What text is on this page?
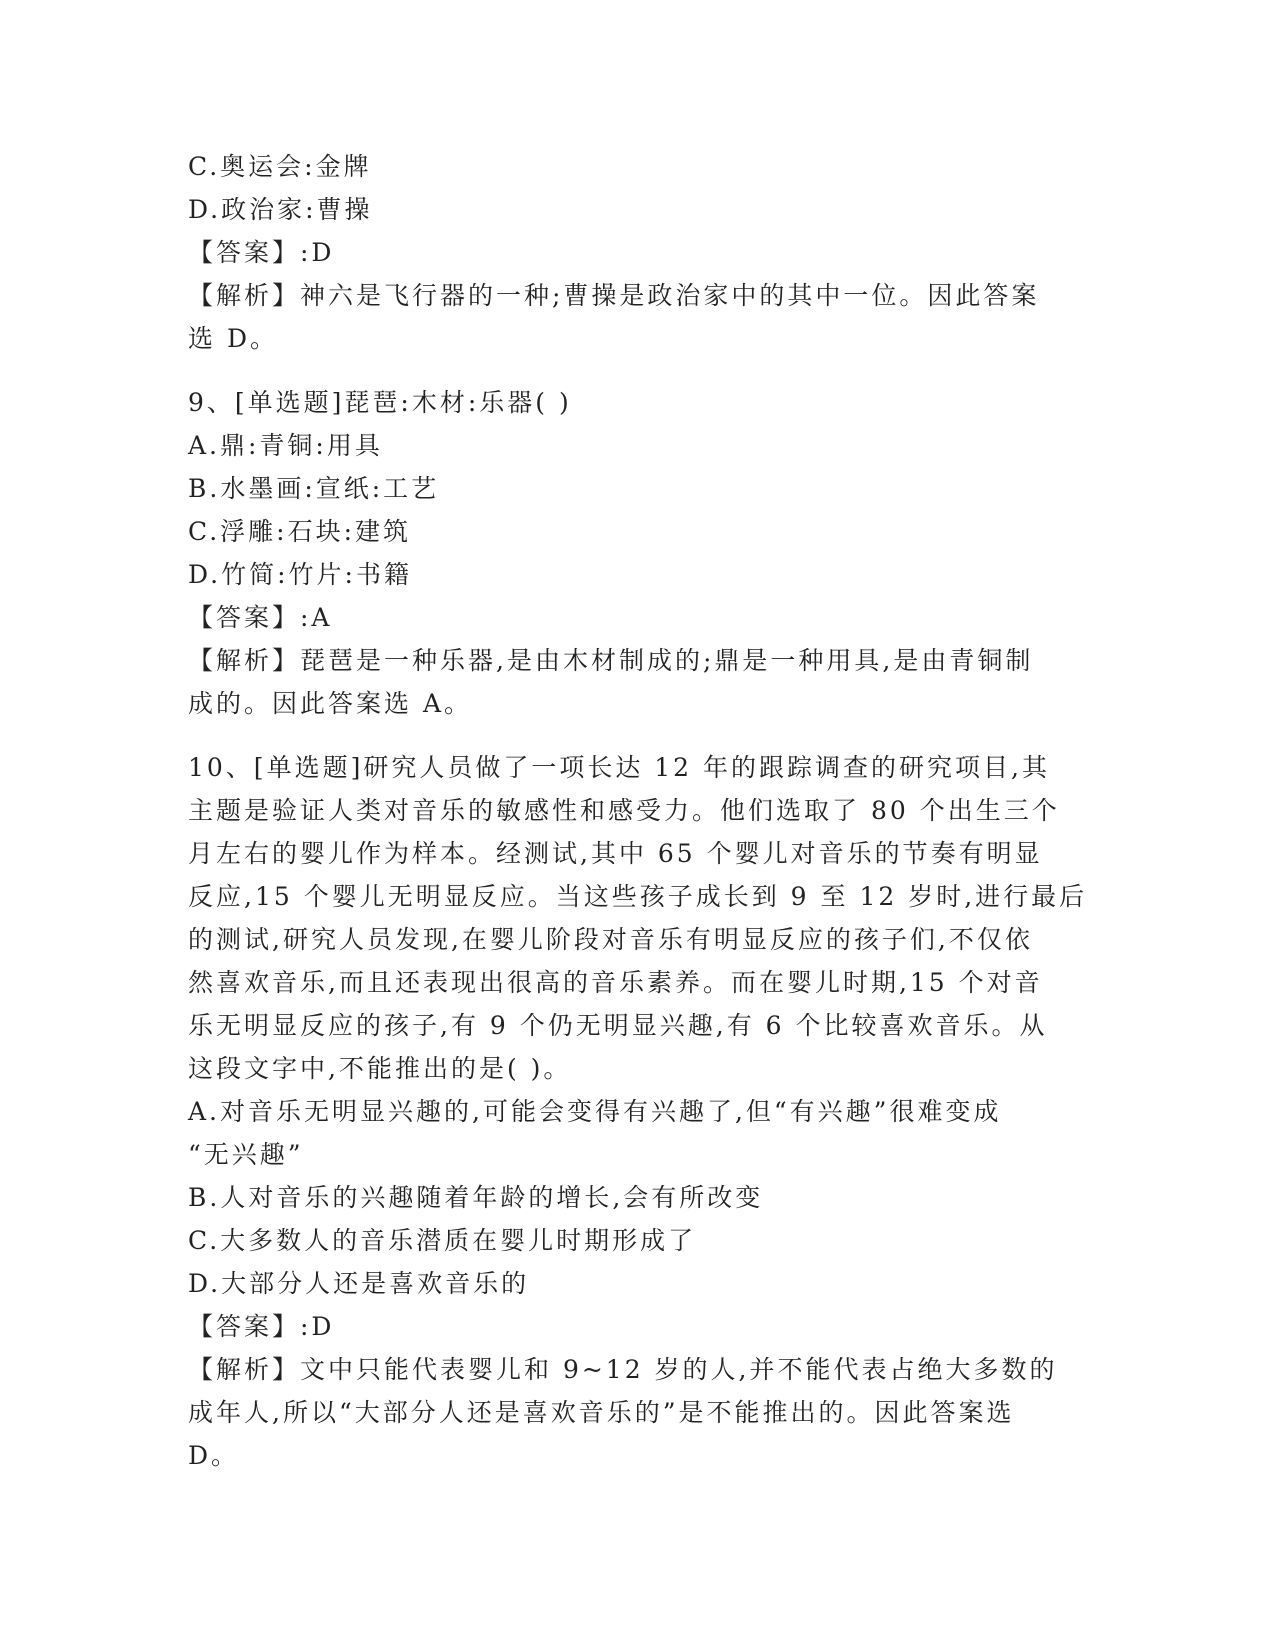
C.奥运会:金牌

D.政治家:曹操

【答案】:D

【解析】神六是飞行器的一种;曹操是政治家中的其中一位。因此答案

选 D。

9、[单选题]琵琶:木材:乐器( )

A.鼎:青铜:用具

B.水墨画:宣纸:工艺

C.浮雕:石块:建筑

D.竹简:竹片:书籍

【答案】:A

【解析】琵琶是一种乐器,是由木材制成的;鼎是一种用具,是由青铜制

成的。因此答案选 A。

10、[单选题]研究人员做了一项长达 12 年的跟踪调查的研究项目,其

主题是验证人类对音乐的敏感性和感受力。他们选取了 80 个出生三个

月左右的婴儿作为样本。经测试,其中 65 个婴儿对音乐的节奏有明显

反应,15 个婴儿无明显反应。当这些孩子成长到 9 至 12 岁时,进行最后

的测试,研究人员发现,在婴儿阶段对音乐有明显反应的孩子们,不仅依

然喜欢音乐,而且还表现出很高的音乐素养。而在婴儿时期,15 个对音

乐无明显反应的孩子,有 9 个仍无明显兴趣,有 6 个比较喜欢音乐。从

这段文字中,不能推出的是( )。

A.对音乐无明显兴趣的,可能会变得有兴趣了,但“有兴趣”很难变成

“无兴趣”

B.人对音乐的兴趣随着年龄的增长,会有所改变

C.大多数人的音乐潜质在婴儿时期形成了

D.大部分人还是喜欢音乐的

【答案】:D

【解析】文中只能代表婴儿和 9~12 岁的人,并不能代表占绝大多数的

成年人,所以“大部分人还是喜欢音乐的”是不能推出的。因此答案选

D。
